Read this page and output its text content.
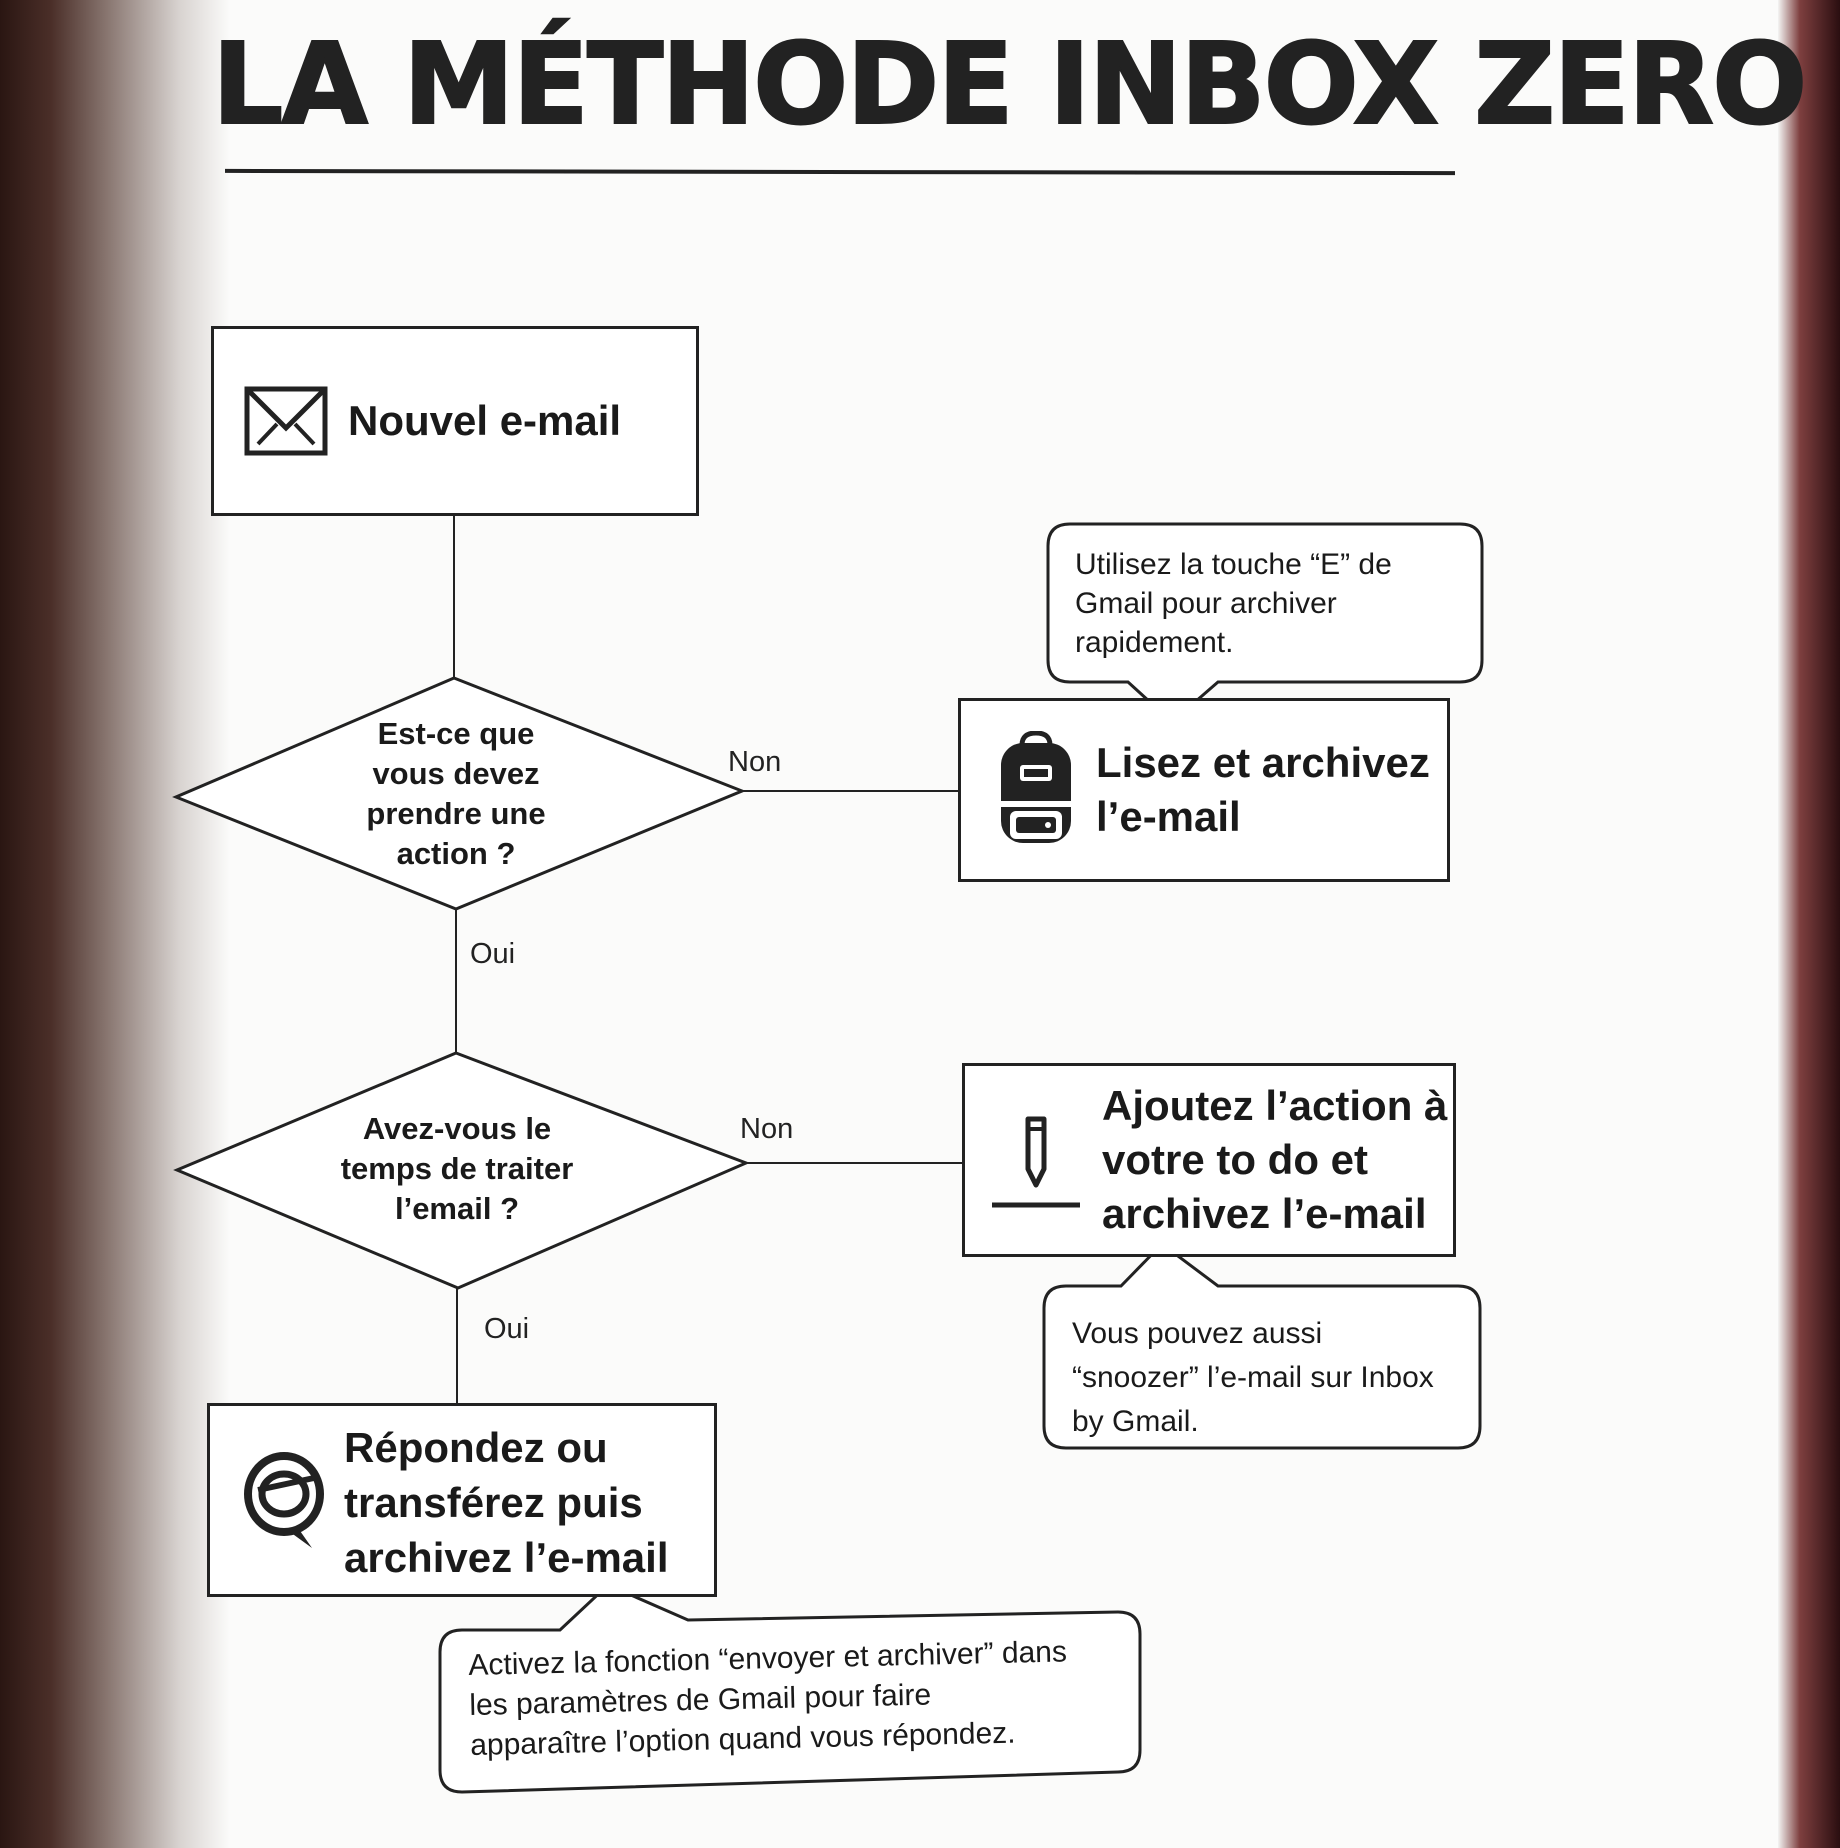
LA MÉTHODE INBOX ZERO
Nouvel e-mail
Est-ce que vous devez prendre une action ?
Non
Oui
Non
Oui
Utilisez la touche “E” de
Gmail pour archiver
rapidement.
Lisez et archivez
l’e-mail
Avez-vous le temps de traiter l’email ?
Ajoutez l’action à
votre to do et
archivez l’e-mail
Vous pouvez aussi
“snoozer” l’e-mail sur Inbox
by Gmail.
Répondez ou
transférez puis
archivez l’e-mail
Activez la fonction “envoyer et archiver” dans
les paramètres de Gmail pour faire
apparaître l’option quand vous répondez.
